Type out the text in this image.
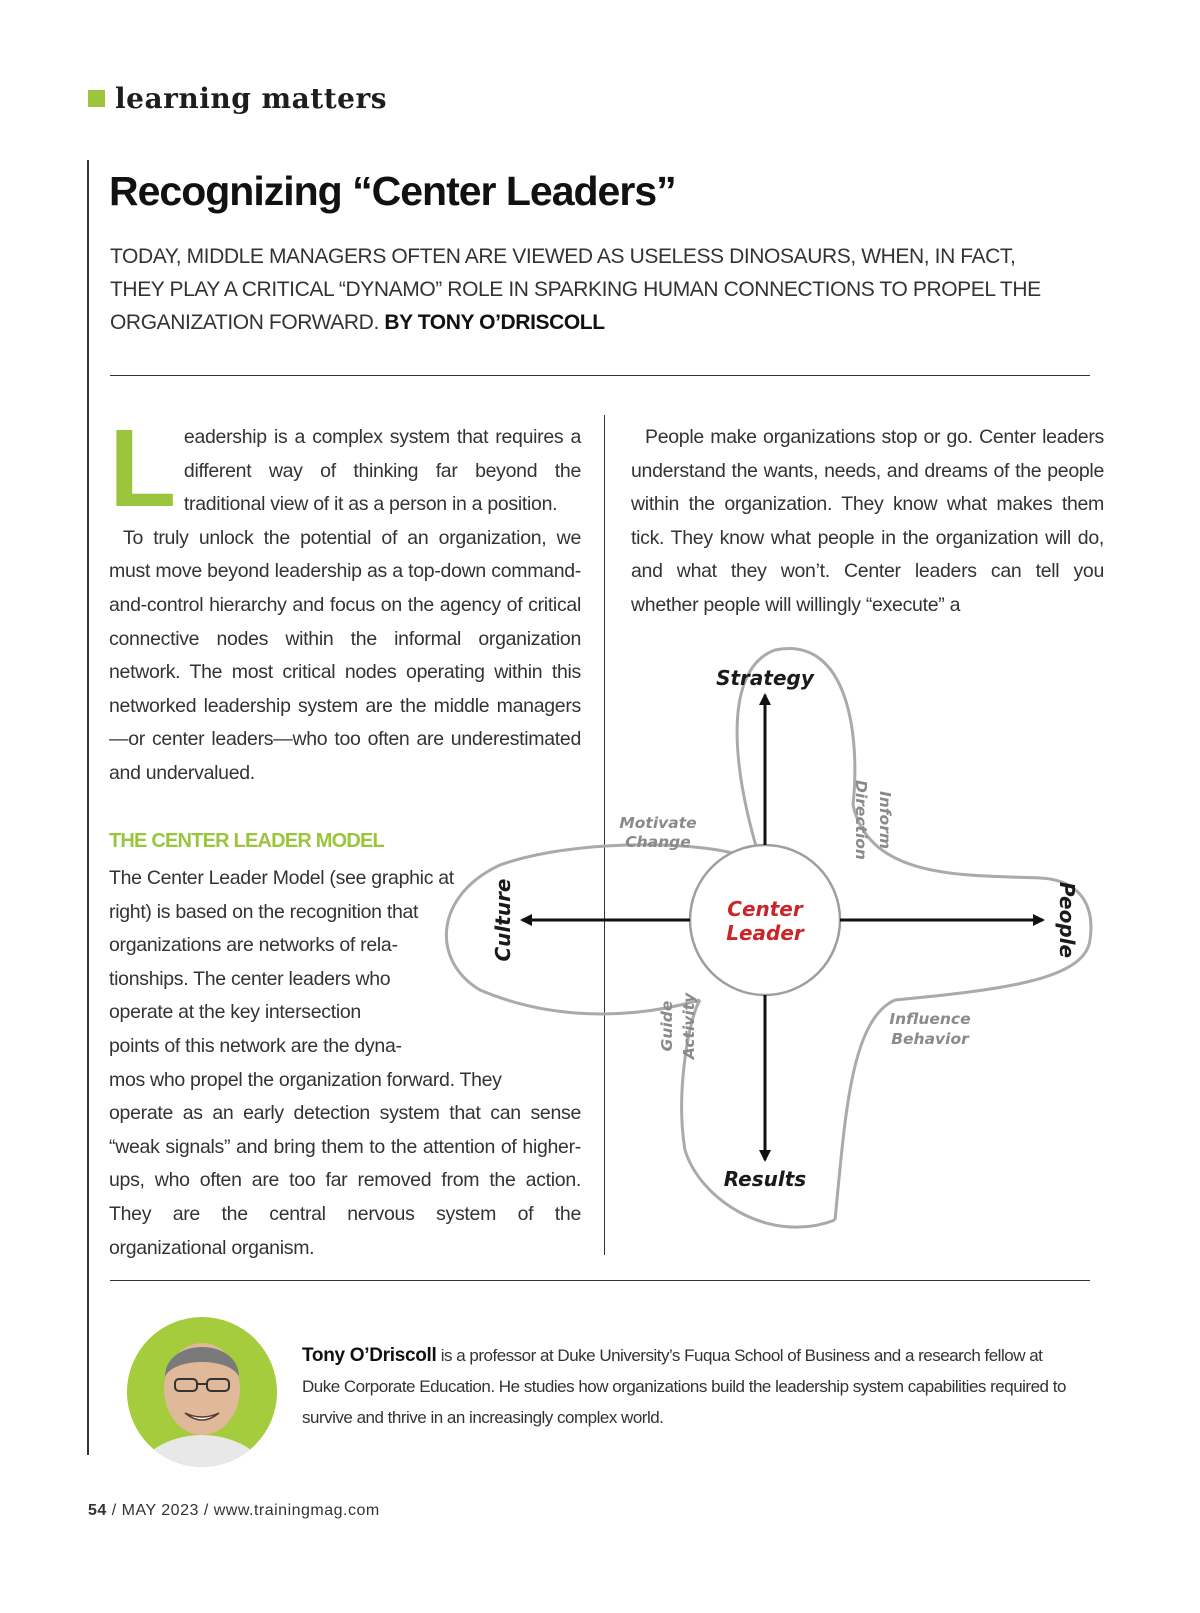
learning matters
Recognizing “Center Leaders”

TODAY, MIDDLE MANAGERS OFTEN ARE VIEWED AS USELESS DINOSAURS, WHEN, IN FACT, THEY PLAY A CRITICAL “DYNAMO” ROLE IN SPARKING HUMAN CONNECTIONS TO PROPEL THE ORGANIZATION FORWARD. BY TONY O’DRISCOLL

Leadership is a complex system that requires a different way of thinking far beyond the traditional view of it as a person in a position.

To truly unlock the potential of an organization, we must move beyond leadership as a top-down command-and-control hierarchy and focus on the agency of critical connective nodes within the informal organization network. The most critical nodes operating within this networked leadership system are the middle managers—or center leaders—who too often are underestimated and undervalued.

THE CENTER LEADER MODEL

The Center Leader Model (see graphic at

right) is based on the recognition that

organizations are networks of rela-

tionships. The center leaders who

operate at the key intersection

points of this network are the dyna-

mos who propel the organization forward. They

operate as an early detection system that can sense “weak signals” and bring them to the attention of higher-ups, who often are too far removed from the action. They are the central nervous system of the organizational organism.

People make organizations stop or go. Center leaders understand the wants, needs, and dreams of the people within the organization. They know what makes them tick. They know what people in the organization will do, and what they won’t. Center leaders can tell you whether people will willingly “execute” a

Center
Leader
Strategy
Results
People
Culture
Motivate
Change
Influence
Behavior
Inform
Direction
Guide Activity

Tony O’Driscoll is a professor at Duke University’s Fuqua School of Business and a research fellow at Duke Corporate Education. He studies how organizations build the leadership system capabilities required to survive and thrive in an increasingly complex world.

54 / MAY 2023 / www.trainingmag.com
